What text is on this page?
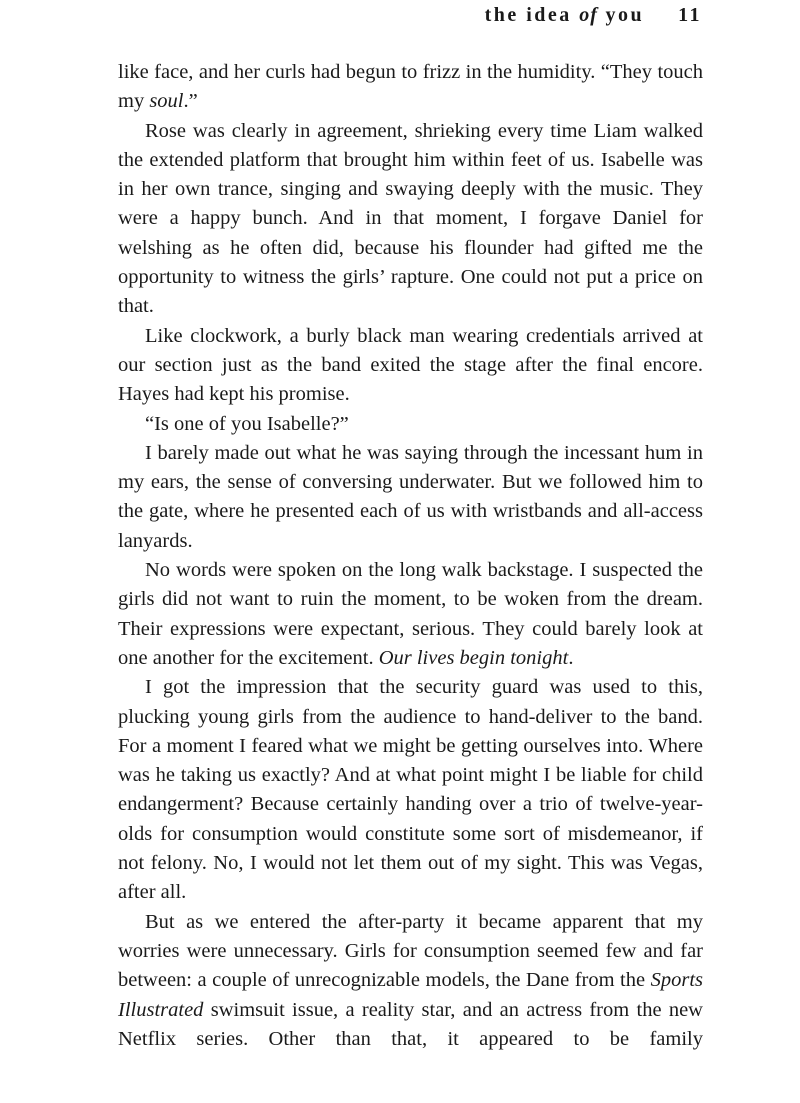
the idea of you 11

like face, and her curls had begun to frizz in the humidity. “They touch my soul.”

Rose was clearly in agreement, shrieking every time Liam walked the extended platform that brought him within feet of us. Isabelle was in her own trance, singing and swaying deeply with the music. They were a happy bunch. And in that moment, I forgave Daniel for welshing as he often did, because his flounder had gifted me the opportunity to witness the girls’ rapture. One could not put a price on that.

Like clockwork, a burly black man wearing credentials arrived at our section just as the band exited the stage after the final encore. Hayes had kept his promise.

“Is one of you Isabelle?”

I barely made out what he was saying through the incessant hum in my ears, the sense of conversing underwater. But we followed him to the gate, where he presented each of us with wristbands and all-access lanyards.

No words were spoken on the long walk backstage. I suspected the girls did not want to ruin the moment, to be woken from the dream. Their expressions were expectant, serious. They could barely look at one another for the excitement. Our lives begin tonight.

I got the impression that the security guard was used to this, plucking young girls from the audience to hand-deliver to the band. For a moment I feared what we might be getting ourselves into. Where was he taking us exactly? And at what point might I be liable for child endangerment? Because certainly handing over a trio of twelve-year-olds for consumption would constitute some sort of misdemeanor, if not felony. No, I would not let them out of my sight. This was Vegas, after all.

But as we entered the after-party it became apparent that my worries were unnecessary. Girls for consumption seemed few and far between: a couple of unrecognizable models, the Dane from the Sports Illustrated swimsuit issue, a reality star, and an actress from the new Netflix series. Other than that, it appeared to be family
